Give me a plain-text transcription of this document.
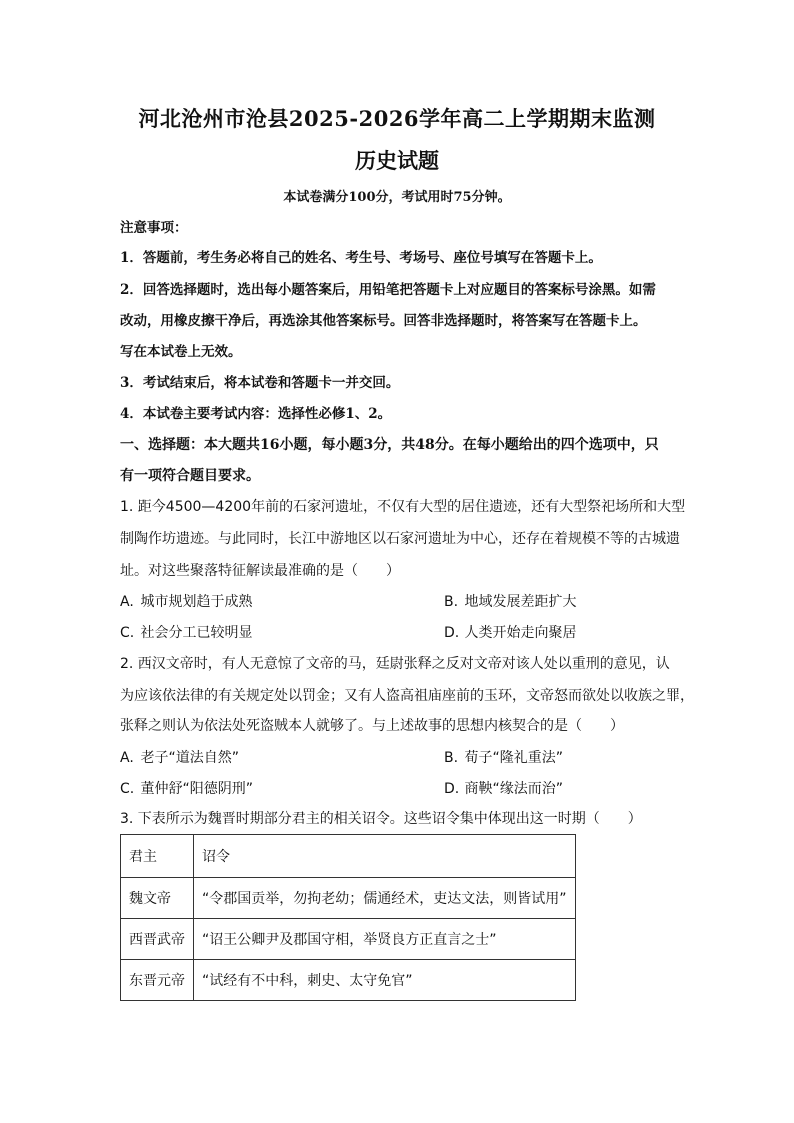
河北沧州市沧县2025-2026学年高二上学期期末监测
历史试题
本试卷满分100分，考试用时75分钟。
注意事项：
1．答题前，考生务必将自己的姓名、考生号、考场号、座位号填写在答题卡上。
2．回答选择题时，选出每小题答案后，用铅笔把答题卡上对应题目的答案标号涂黑。如需
改动，用橡皮擦干净后，再选涂其他答案标号。回答非选择题时，将答案写在答题卡上。
写在本试卷上无效。
3．考试结束后，将本试卷和答题卡一并交回。
4．本试卷主要考试内容：选择性必修1、2。
一、选择题：本大题共16小题，每小题3分，共48分。在每小题给出的四个选项中，只
有一项符合题目要求。
1. 距今4500—4200年前的石家河遗址，不仅有大型的居住遗迹，还有大型祭祀场所和大型
制陶作坊遗迹。与此同时，长江中游地区以石家河遗址为中心，还存在着规模不等的古城遗
址。对这些聚落特征解读最准确的是（　　）
A. 城市规划趋于成熟	B. 地域发展差距扩大
C. 社会分工已较明显	D. 人类开始走向聚居
2. 西汉文帝时，有人无意惊了文帝的马，廷尉张释之反对文帝对该人处以重刑的意见，认
为应该依法律的有关规定处以罚金；又有人盗高祖庙座前的玉环，文帝怒而欲处以收族之罪，
张释之则认为依法处死盗贼本人就够了。与上述故事的思想内核契合的是（　　）
A. 老子“道法自然”	B. 荀子“隆礼重法”
C. 董仲舒“阳德阴刑”	D. 商鞅“缘法而治”
3. 下表所示为魏晋时期部分君主的相关诏令。这些诏令集中体现出这一时期（　　）
君主	诏令
魏文帝	“令郡国贡举，勿拘老幼；儒通经术，吏达文法，则皆试用”
西晋武帝	“诏王公卿尹及郡国守相，举贤良方正直言之士”
东晋元帝	“试经有不中科，刺史、太守免官”
